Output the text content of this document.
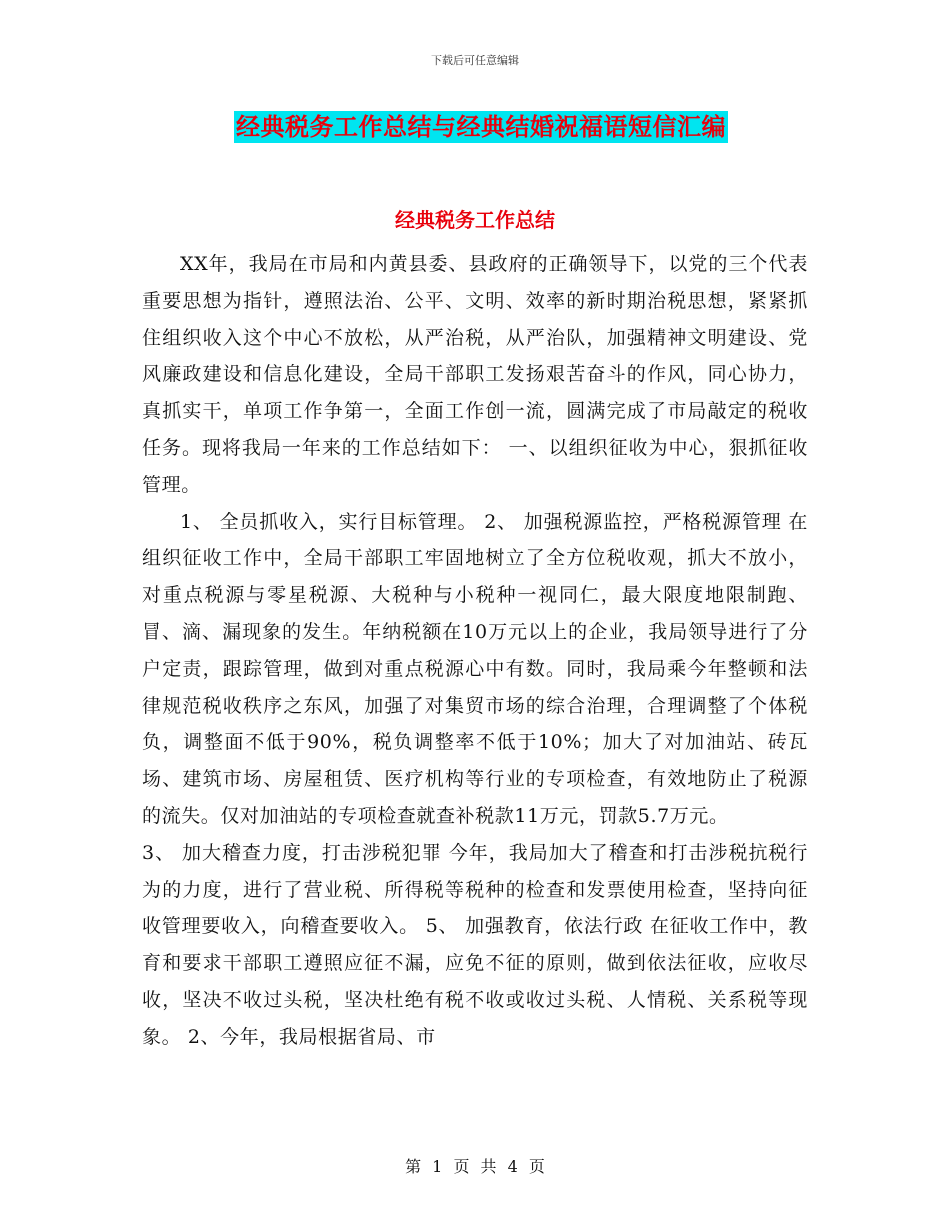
下载后可任意编辑
经典税务工作总结与经典结婚祝福语短信汇编
经典税务工作总结

XX年，我局在市局和内黄县委、县政府的正确领导下，以党的三个代表重要思想为指针，遵照法治、公平、文明、效率的新时期治税思想，紧紧抓住组织收入这个中心不放松，从严治税，从严治队，加强精神文明建设、党风廉政建设和信息化建设，全局干部职工发扬艰苦奋斗的作风，同心协力，真抓实干，单项工作争第一，全面工作创一流，圆满完成了市局敲定的税收任务。现将我局一年来的工作总结如下： 一、以组织征收为中心，狠抓征收管理。

1、 全员抓收入，实行目标管理。 2、 加强税源监控，严格税源管理 在组织征收工作中，全局干部职工牢固地树立了全方位税收观，抓大不放小，对重点税源与零星税源、大税种与小税种一视同仁，最大限度地限制跑、冒、滴、漏现象的发生。年纳税额在10万元以上的企业，我局领导进行了分户定责，跟踪管理，做到对重点税源心中有数。同时，我局乘今年整顿和法律规范税收秩序之东风，加强了对集贸市场的综合治理，合理调整了个体税负，调整面不低于90%，税负调整率不低于10%；加大了对加油站、砖瓦场、建筑市场、房屋租赁、医疗机构等行业的专项检查，有效地防止了税源的流失。仅对加油站的专项检查就查补税款11万元，罚款5.7万元。

3、 加大稽查力度，打击涉税犯罪 今年，我局加大了稽查和打击涉税抗税行为的力度，进行了营业税、所得税等税种的检查和发票使用检查，坚持向征收管理要收入，向稽查要收入。 5、 加强教育，依法行政 在征收工作中，教育和要求干部职工遵照应征不漏，应免不征的原则，做到依法征收，应收尽收，坚决不收过头税，坚决杜绝有税不收或收过头税、人情税、关系税等现象。 2、今年，我局根据省局、市

第 1 页 共 4 页
